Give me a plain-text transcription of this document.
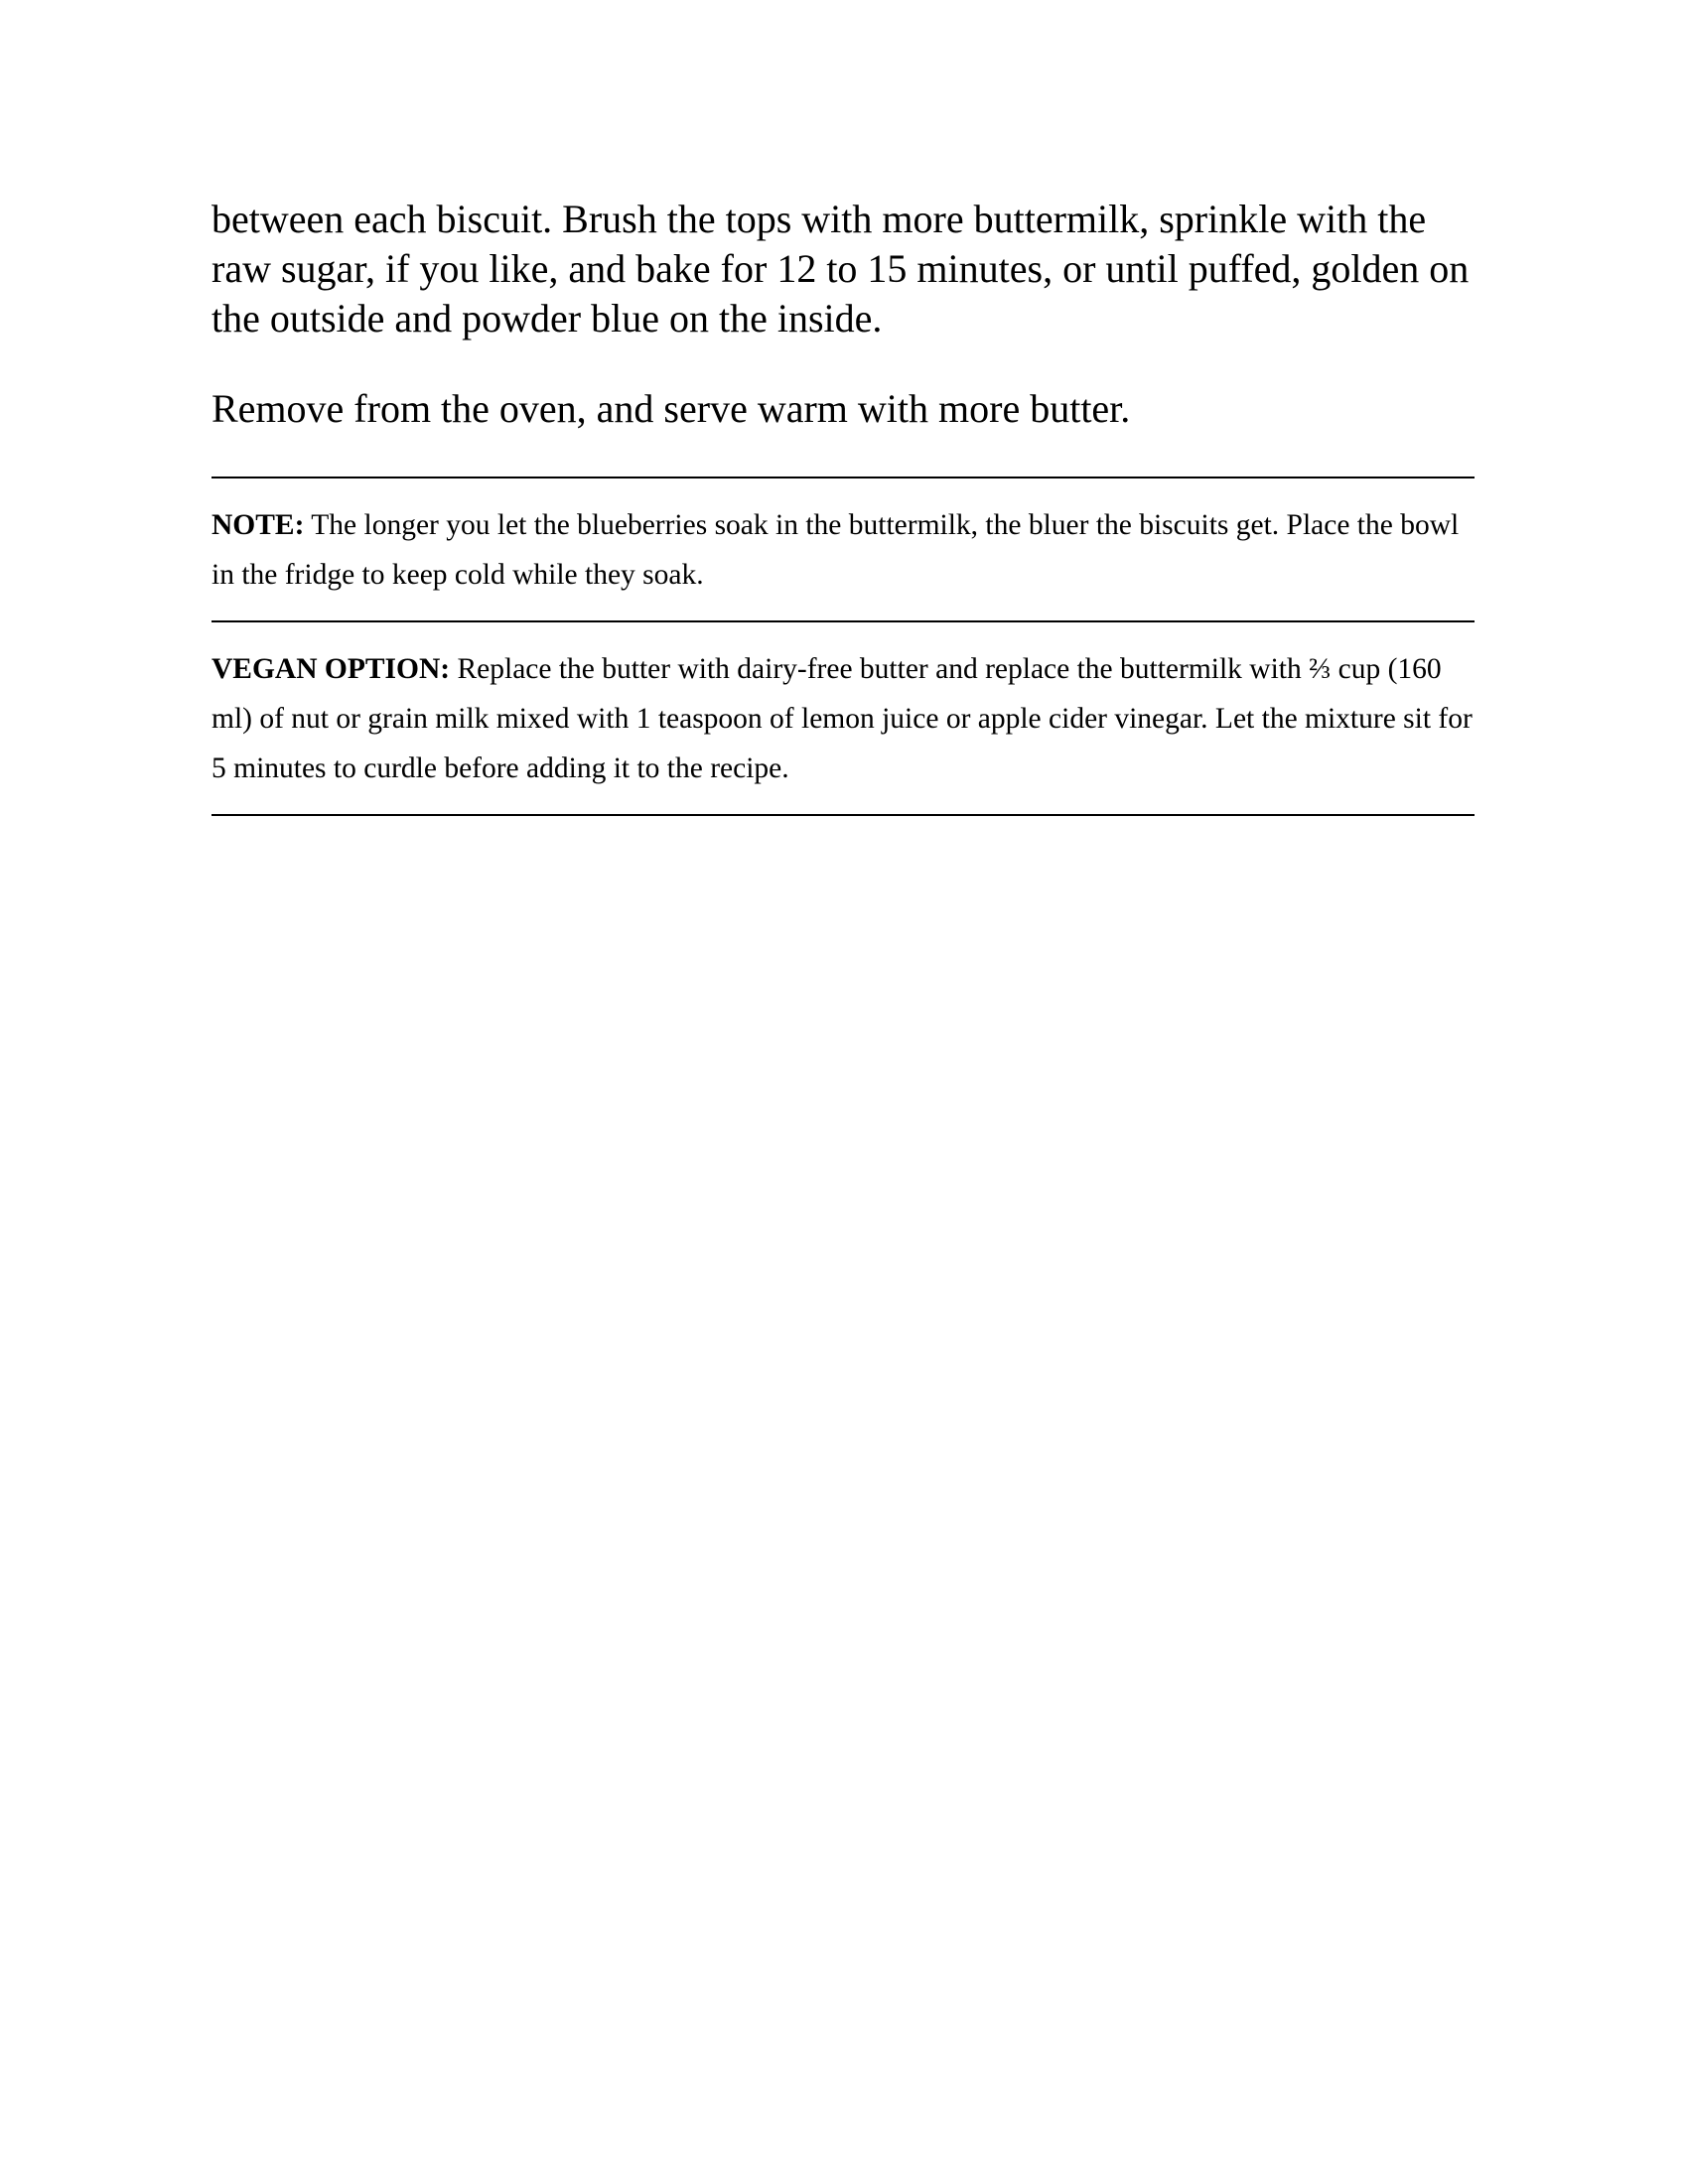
between each biscuit. Brush the tops with more buttermilk, sprinkle with the raw sugar, if you like, and bake for 12 to 15 minutes, or until puffed, golden on the outside and powder blue on the inside.

Remove from the oven, and serve warm with more butter.

NOTE: The longer you let the blueberries soak in the buttermilk, the bluer the biscuits get. Place the bowl in the fridge to keep cold while they soak.

VEGAN OPTION: Replace the butter with dairy-free butter and replace the buttermilk with ⅔ cup (160 ml) of nut or grain milk mixed with 1 teaspoon of lemon juice or apple cider vinegar. Let the mixture sit for 5 minutes to curdle before adding it to the recipe.
